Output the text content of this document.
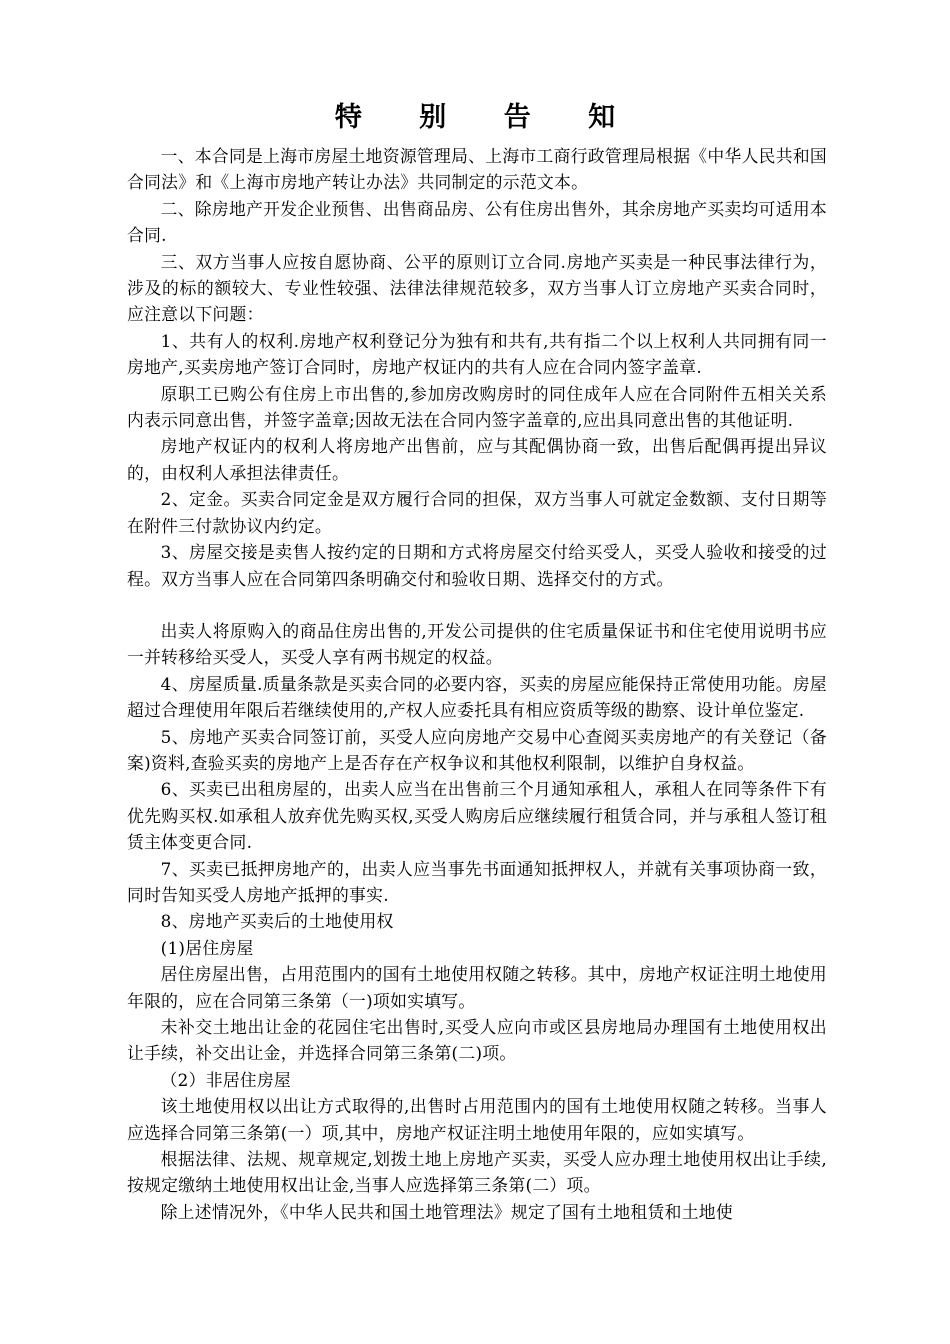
特 别 告 知

一、本合同是上海市房屋土地资源管理局、上海市工商行政管理局根据《中华人民共和国合同法》和《上海市房地产转让办法》共同制定的示范文本。

二、除房地产开发企业预售、出售商品房、公有住房出售外，其余房地产买卖均可适用本合同.

三、双方当事人应按自愿协商、公平的原则订立合同.房地产买卖是一种民事法律行为，涉及的标的额较大、专业性较强、法律法律规范较多，双方当事人订立房地产买卖合同时，应注意以下问题：

1、共有人的权利.房地产权利登记分为独有和共有,共有指二个以上权利人共同拥有同一房地产,买卖房地产签订合同时，房地产权证内的共有人应在合同内签字盖章.

原职工已购公有住房上市出售的,参加房改购房时的同住成年人应在合同附件五相关关系内表示同意出售，并签字盖章;因故无法在合同内签字盖章的,应出具同意出售的其他证明.

房地产权证内的权利人将房地产出售前，应与其配偶协商一致，出售后配偶再提出异议的，由权利人承担法律责任。

2、定金。买卖合同定金是双方履行合同的担保，双方当事人可就定金数额、支付日期等在附件三付款协议内约定。

3、房屋交接是卖售人按约定的日期和方式将房屋交付给买受人，买受人验收和接受的过程。双方当事人应在合同第四条明确交付和验收日期、选择交付的方式。

出卖人将原购入的商品住房出售的,开发公司提供的住宅质量保证书和住宅使用说明书应一并转移给买受人，买受人享有两书规定的权益。

4、房屋质量.质量条款是买卖合同的必要内容，买卖的房屋应能保持正常使用功能。房屋超过合理使用年限后若继续使用的,产权人应委托具有相应资质等级的勘察、设计单位鉴定.

5、房地产买卖合同签订前，买受人应向房地产交易中心查阅买卖房地产的有关登记（备案)资料,查验买卖的房地产上是否存在产权争议和其他权利限制，以维护自身权益。

6、买卖已出租房屋的，出卖人应当在出售前三个月通知承租人，承租人在同等条件下有优先购买权.如承租人放弃优先购买权,买受人购房后应继续履行租赁合同，并与承租人签订租赁主体变更合同.

7、买卖已抵押房地产的，出卖人应当事先书面通知抵押权人，并就有关事项协商一致，同时告知买受人房地产抵押的事实.

8、房地产买卖后的土地使用权

(1)居住房屋

居住房屋出售，占用范围内的国有土地使用权随之转移。其中，房地产权证注明土地使用年限的，应在合同第三条第（一)项如实填写。

未补交土地出让金的花园住宅出售时,买受人应向市或区县房地局办理国有土地使用权出让手续，补交出让金，并选择合同第三条第(二)项。

（2）非居住房屋

该土地使用权以出让方式取得的,出售时占用范围内的国有土地使用权随之转移。当事人应选择合同第三条第(一）项,其中，房地产权证注明土地使用年限的，应如实填写。

根据法律、法规、规章规定,划拨土地上房地产买卖，买受人应办理土地使用权出让手续,按规定缴纳土地使用权出让金,当事人应选择第三条第(二）项。

除上述情况外，《中华人民共和国土地管理法》规定了国有土地租赁和土地使
